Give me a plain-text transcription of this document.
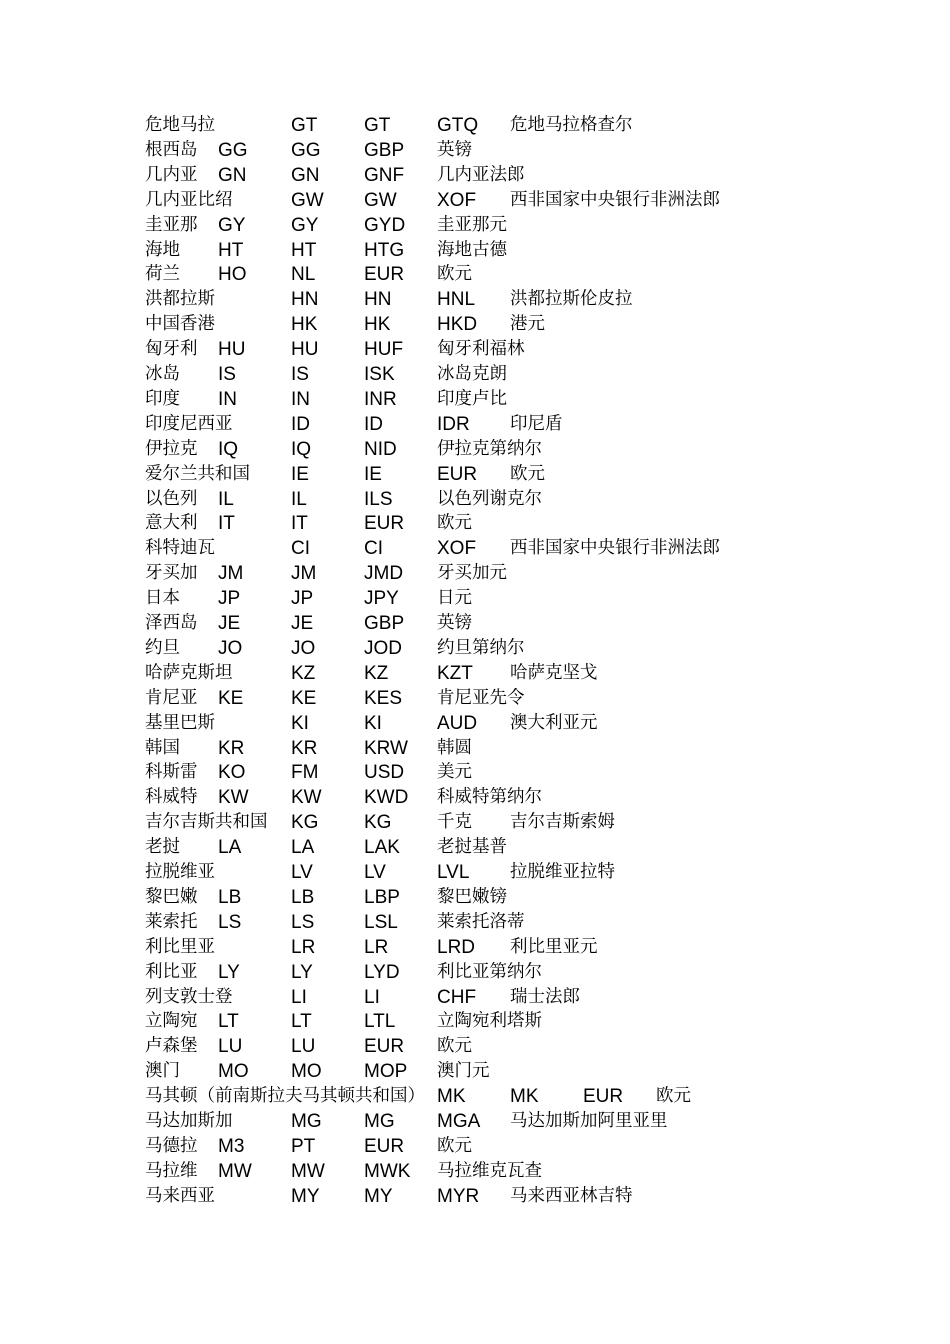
危地马拉	GT GT GTQ 危地马拉格查尔
根西岛 GG GG GBP 英镑
几内亚 GN GN GNF 几内亚法郎
几内亚比绍	GW GW XOF 西非国家中央银行非洲法郎
圭亚那 GY GY GYD 圭亚那元
海地 HT	HT	HTG 海地古德
荷兰 HO NL	EUR 欧元
洪都拉斯	HN HN HNL 洪都拉斯伦皮拉
中国香港	HK HK HKD 港元
匈牙利 HU HU HUF 匈牙利福林
冰岛 IS	IS	ISK 冰岛克朗
印度 IN	IN	INR 印度卢比
印度尼西亚	ID	ID	IDR 印尼盾
伊拉克 IQ	IQ	NID 伊拉克第纳尔
爱尔兰共和国 IE	IE	EUR 欧元
以色列 IL	IL	ILS	以色列谢克尔
意大利 IT	IT	EUR 欧元
科特迪瓦	CI	CI	XOF 西非国家中央银行非洲法郎
牙买加 JM	JM	JMD 牙买加元
日本 JP	JP	JPY 日元
泽西岛 JE	JE	GBP 英镑
约旦 JO	JO	JOD 约旦第纳尔
哈萨克斯坦	KZ	KZ	KZT 哈萨克坚戈
肯尼亚 KE	KE	KES 肯尼亚先令
基里巴斯	KI	KI	AUD 澳大利亚元
韩国 KR KR KRW 韩圆
科斯雷 KO FM USD 美元
科威特 KW KW KWD 科威特第纳尔
吉尔吉斯共和国 KG KG	千克 吉尔吉斯索姆
老挝 LA	LA	LAK 老挝基普
拉脱维亚	LV	LV	LVL 拉脱维亚拉特
黎巴嫩 LB	LB	LBP 黎巴嫩镑
莱索托 LS	LS	LSL 莱索托洛蒂
利比里亚	LR	LR	LRD 利比里亚元
利比亚 LY	LY	LYD 利比亚第纳尔
列支敦士登	LI	LI	CHF 瑞士法郎
立陶宛 LT	LT	LTL 立陶宛利塔斯
卢森堡 LU	LU	EUR 欧元
澳门 MO MO MOP 澳门元
马其顿（前南斯拉夫马其顿共和国） MK MK EUR 欧元
马达加斯加	MG MG MGA 马达加斯加阿里亚里
马德拉 M3 PT	EUR 欧元
马拉维 MW MW MWK 马拉维克瓦查
马来西亚	MY MY MYR 马来西亚林吉特
